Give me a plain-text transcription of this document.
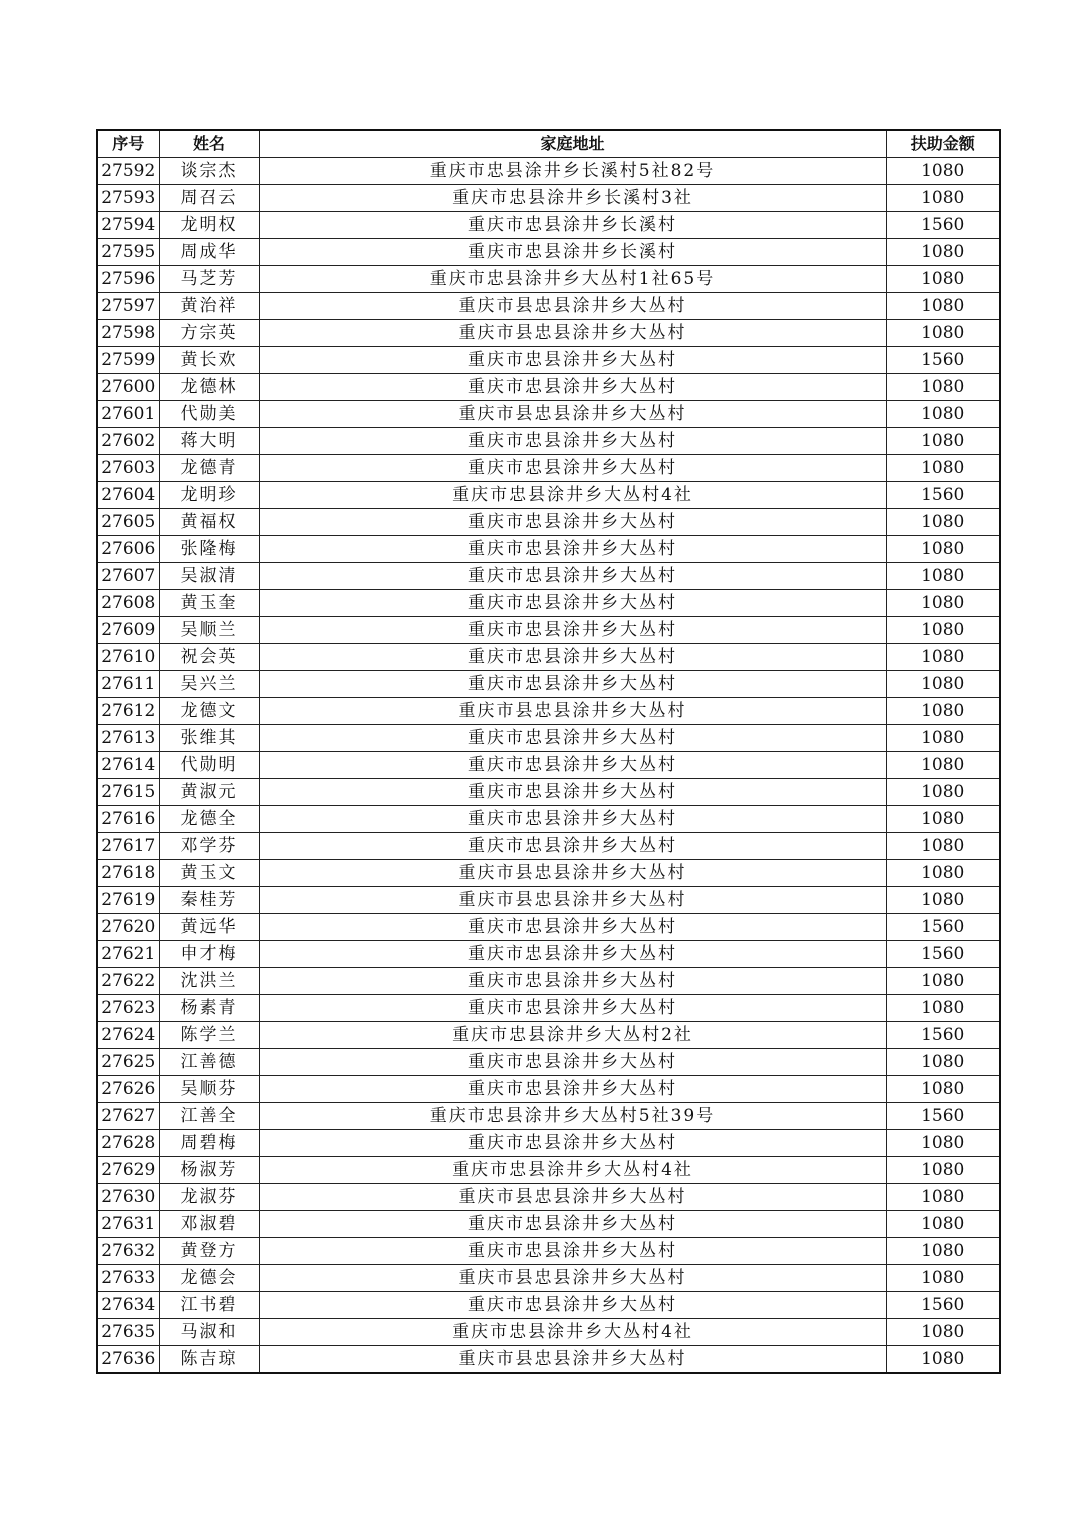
序号	姓名	家庭地址	扶助金额
27592	谈宗杰	重庆市忠县涂井乡长溪村5社82号	1080
27593	周召云	重庆市忠县涂井乡长溪村3社	1080
27594	龙明权	重庆市忠县涂井乡长溪村	1560
27595	周成华	重庆市忠县涂井乡长溪村	1080
27596	马芝芳	重庆市忠县涂井乡大丛村1社65号	1080
27597	黄治祥	重庆市县忠县涂井乡大丛村	1080
27598	方宗英	重庆市县忠县涂井乡大丛村	1080
27599	黄长欢	重庆市忠县涂井乡大丛村	1560
27600	龙德林	重庆市忠县涂井乡大丛村	1080
27601	代勋美	重庆市县忠县涂井乡大丛村	1080
27602	蒋大明	重庆市忠县涂井乡大丛村	1080
27603	龙德青	重庆市忠县涂井乡大丛村	1080
27604	龙明珍	重庆市忠县涂井乡大丛村4社	1560
27605	黄福权	重庆市忠县涂井乡大丛村	1080
27606	张隆梅	重庆市忠县涂井乡大丛村	1080
27607	吴淑清	重庆市忠县涂井乡大丛村	1080
27608	黄玉奎	重庆市忠县涂井乡大丛村	1080
27609	吴顺兰	重庆市忠县涂井乡大丛村	1080
27610	祝会英	重庆市忠县涂井乡大丛村	1080
27611	吴兴兰	重庆市忠县涂井乡大丛村	1080
27612	龙德文	重庆市县忠县涂井乡大丛村	1080
27613	张维其	重庆市忠县涂井乡大丛村	1080
27614	代勋明	重庆市忠县涂井乡大丛村	1080
27615	黄淑元	重庆市忠县涂井乡大丛村	1080
27616	龙德全	重庆市忠县涂井乡大丛村	1080
27617	邓学芬	重庆市忠县涂井乡大丛村	1080
27618	黄玉文	重庆市县忠县涂井乡大丛村	1080
27619	秦桂芳	重庆市县忠县涂井乡大丛村	1080
27620	黄远华	重庆市忠县涂井乡大丛村	1560
27621	申才梅	重庆市忠县涂井乡大丛村	1560
27622	沈洪兰	重庆市忠县涂井乡大丛村	1080
27623	杨素青	重庆市忠县涂井乡大丛村	1080
27624	陈学兰	重庆市忠县涂井乡大丛村2社	1560
27625	江善德	重庆市忠县涂井乡大丛村	1080
27626	吴顺芬	重庆市忠县涂井乡大丛村	1080
27627	江善全	重庆市忠县涂井乡大丛村5社39号	1560
27628	周碧梅	重庆市忠县涂井乡大丛村	1080
27629	杨淑芳	重庆市忠县涂井乡大丛村4社	1080
27630	龙淑芬	重庆市县忠县涂井乡大丛村	1080
27631	邓淑碧	重庆市忠县涂井乡大丛村	1080
27632	黄登方	重庆市忠县涂井乡大丛村	1080
27633	龙德会	重庆市县忠县涂井乡大丛村	1080
27634	江书碧	重庆市忠县涂井乡大丛村	1560
27635	马淑和	重庆市忠县涂井乡大丛村4社	1080
27636	陈吉琼	重庆市县忠县涂井乡大丛村	1080
